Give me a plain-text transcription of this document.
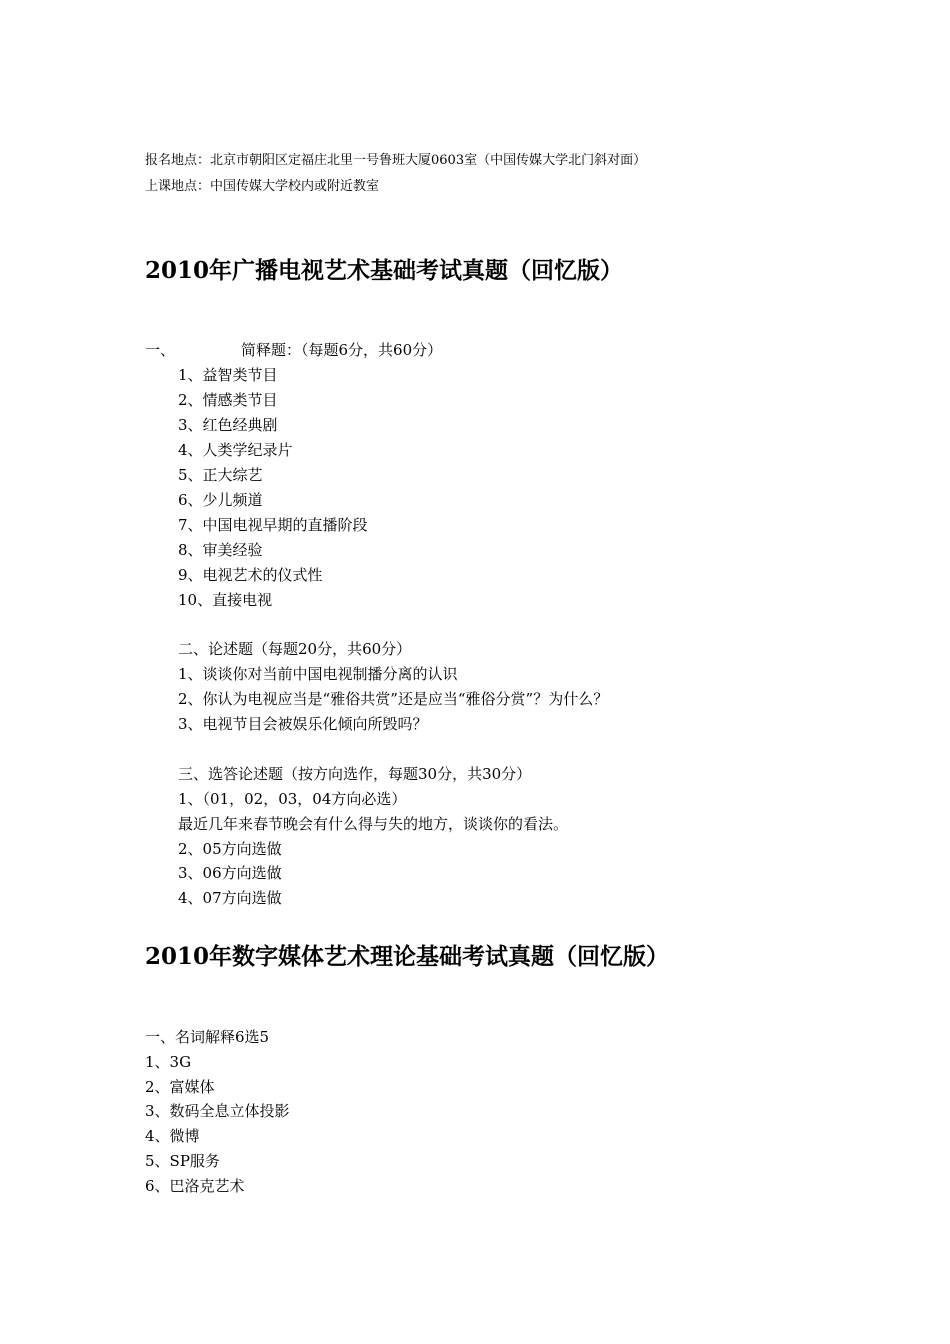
报名地点：北京市朝阳区定福庄北里一号鲁班大厦0603室（中国传媒大学北门斜对面）
上课地点：中国传媒大学校内或附近教室
2010年广播电视艺术基础考试真题（回忆版）
一、	简释题：（每题6分，共60分）
1、益智类节目
2、情感类节目
3、红色经典剧
4、人类学纪录片
5、正大综艺
6、少儿频道
7、中国电视早期的直播阶段
8、审美经验
9、电视艺术的仪式性
10、直接电视
二、论述题（每题20分，共60分）
1、谈谈你对当前中国电视制播分离的认识
2、你认为电视应当是“雅俗共赏”还是应当“雅俗分赏”？为什么？
3、电视节目会被娱乐化倾向所毁吗？
三、选答论述题（按方向选作，每题30分，共30分）
1、（01，02，03，04方向必选）
最近几年来春节晚会有什么得与失的地方，谈谈你的看法。
2、05方向选做
3、06方向选做
4、07方向选做
2010年数字媒体艺术理论基础考试真题（回忆版）
一、名词解释6选5
1、3G
2、富媒体
3、数码全息立体投影
4、微博
5、SP服务
6、巴洛克艺术
